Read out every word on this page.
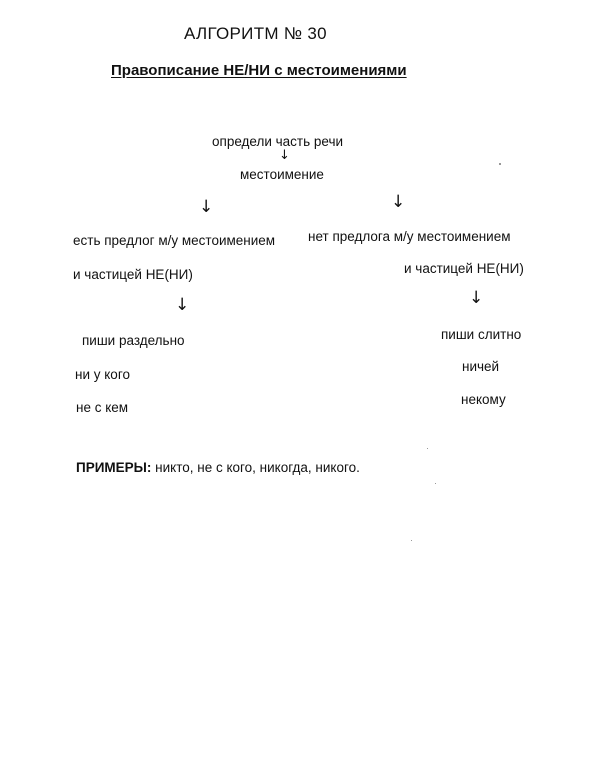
АЛГОРИТМ № 30
Правописание НЕ/НИ с местоимениями
определи часть речи
↓
местоимение
↓	↓
есть предлог м/у местоимением
и частицей НЕ(НИ)
нет предлога м/у местоимением
и частицей НЕ(НИ)
↓	↓
пиши раздельно
ни у кого
не с кем
пиши слитно
ничей
некому
ПРИМЕРЫ: никто, не с кого, никогда, никого.
